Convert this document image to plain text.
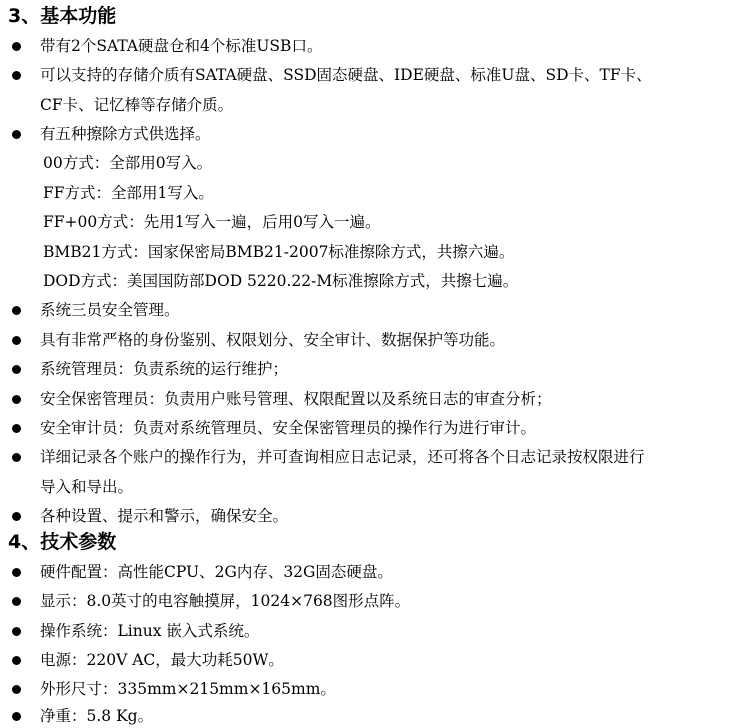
3、基本功能
带有2个SATA硬盘仓和4个标准USB口。
可以支持的存储介质有SATA硬盘、SSD固态硬盘、IDE硬盘、标准U盘、SD卡、TF卡、
CF卡、记忆棒等存储介质。
有五种擦除方式供选择。
00方式：全部用0写入。
FF方式：全部用1写入。
FF+00方式：先用1写入一遍，后用0写入一遍。
BMB21方式：国家保密局BMB21-2007标准擦除方式，共擦六遍。
DOD方式：美国国防部DOD 5220.22-M标准擦除方式，共擦七遍。
系统三员安全管理。
具有非常严格的身份鉴别、权限划分、安全审计、数据保护等功能。
系统管理员：负责系统的运行维护；
安全保密管理员：负责用户账号管理、权限配置以及系统日志的审查分析；
安全审计员：负责对系统管理员、安全保密管理员的操作行为进行审计。
详细记录各个账户的操作行为，并可查询相应日志记录，还可将各个日志记录按权限进行
导入和导出。
各种设置、提示和警示，确保安全。
4、技术参数
硬件配置：高性能CPU、2G内存、32G固态硬盘。
显示：8.0英寸的电容触摸屏，1024×768图形点阵。
操作系统：Linux 嵌入式系统。
电源：220V AC，最大功耗50W。
外形尺寸：335mm×215mm×165mm。
净重：5.8 Kg。
